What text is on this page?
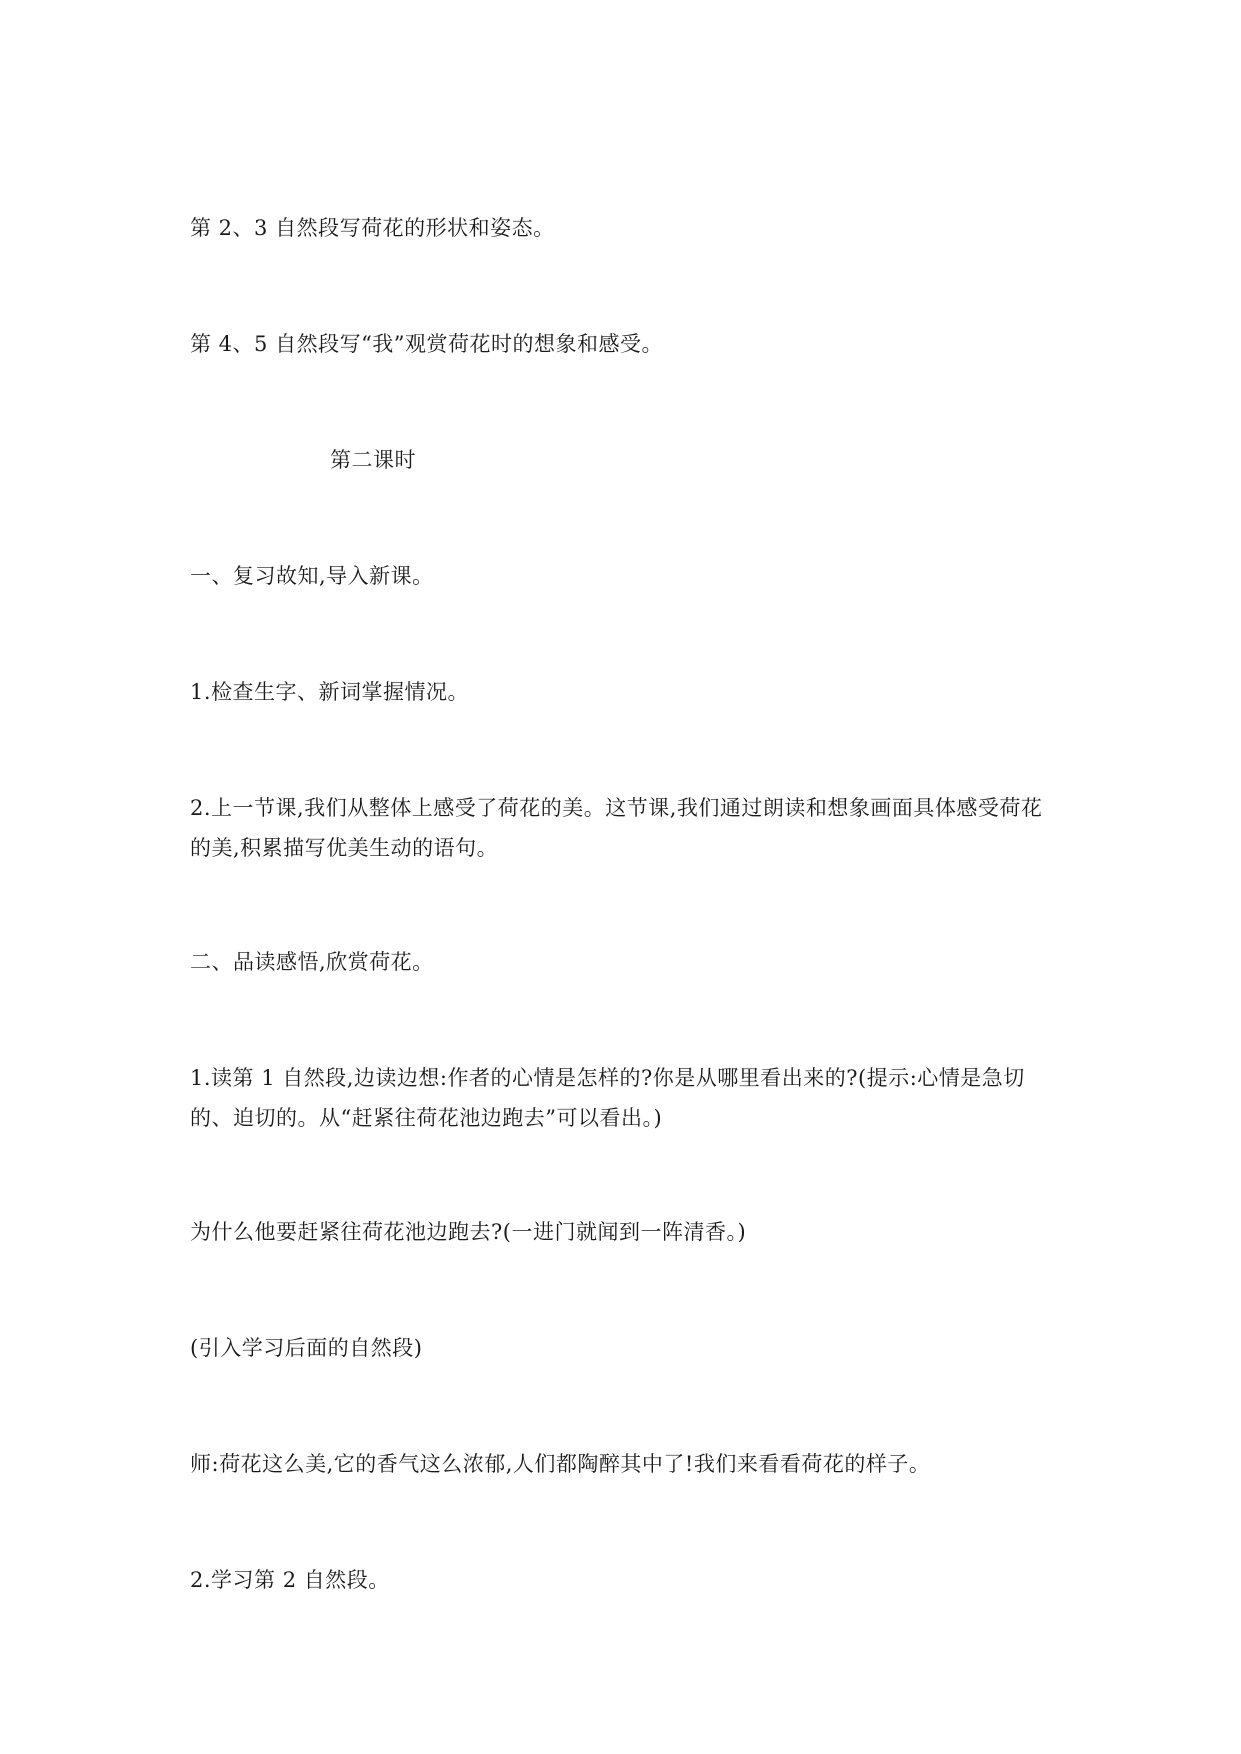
第 2、3 自然段写荷花的形状和姿态。

第 4、5 自然段写“我”观赏荷花时的想象和感受。

第二课时

一、复习故知,导入新课。

1.检查生字、新词掌握情况。

2.上一节课,我们从整体上感受了荷花的美。这节课,我们通过朗读和想象画面具体感受荷花的美,积累描写优美生动的语句。

二、品读感悟,欣赏荷花。

1.读第 1 自然段,边读边想:作者的心情是怎样的?你是从哪里看出来的?(提示:心情是急切的、迫切的。从“赶紧往荷花池边跑去”可以看出。)

为什么他要赶紧往荷花池边跑去?(一进门就闻到一阵清香。)

(引入学习后面的自然段)

师:荷花这么美,它的香气这么浓郁,人们都陶醉其中了!我们来看看荷花的样子。

2.学习第 2 自然段。
